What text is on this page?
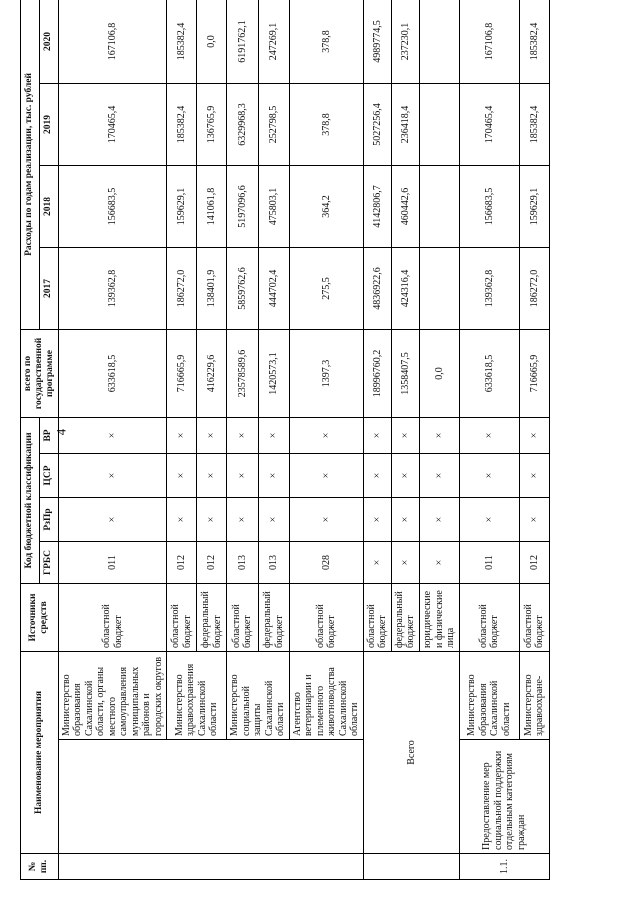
4
№ пп.	Наименование мероприятия		Источники средств	Код бюджетной классификации				всего по государственной программе	Расходы по годам реализации, тыс. рублей			
				ГРБС	РзПр	ЦСР	ВР		2017	2018	2019	2020
		Министерство образования Сахалинской области, органы местного самоуправления муниципальных районов и городских округов	областной бюджет	011	×	×	×	633618,5	139362,8	156683,5	170465,4	167106,8
		Министерство здравоохранения Сахалинской области	областной бюджет	012	×	×	×	716665,9	186272,0	159629,1	185382,4	185382,4
			федеральный бюджет	012	×	×	×	416229,6	138401,9	141061,8	136765,9	0,0
		Министерство социальной защиты Сахалинской области	областной бюджет	013	×	×	×	23578589,6	5859762,6	5197096,6	6329968,3	6191762,1
			федеральный бюджет	013	×	×	×	1420573,1	444702,4	475803,1	252798,5	247269,1
		Агентство ветеринарии и племенного животноводства Сахалинской области	областной бюджет	028	×	×	×	1397,3	275,5	364,2	378,8	378,8
	Всего		областной бюджет	×	×	×	×	18996760,2	4836922,6	4142806,7	5027256,4	4989774,5
			федеральный бюджет	×	×	×	×	1358407,5	424316,4	460442,6	236418,4	237230,1
			юридические и физические лица	×	×	×	×	0,0				
1.1.	Предоставление мер социальной поддержки отдельным категориям граждан	Министерство образования Сахалинской области	областной бюджет	011	×	×	×	633618,5	139362,8	156683,5	170465,4	167106,8
		Министерство здравоохране-	областной бюджет	012	×	×	×	716665,9	186272,0	159629,1	185382,4	185382,4
